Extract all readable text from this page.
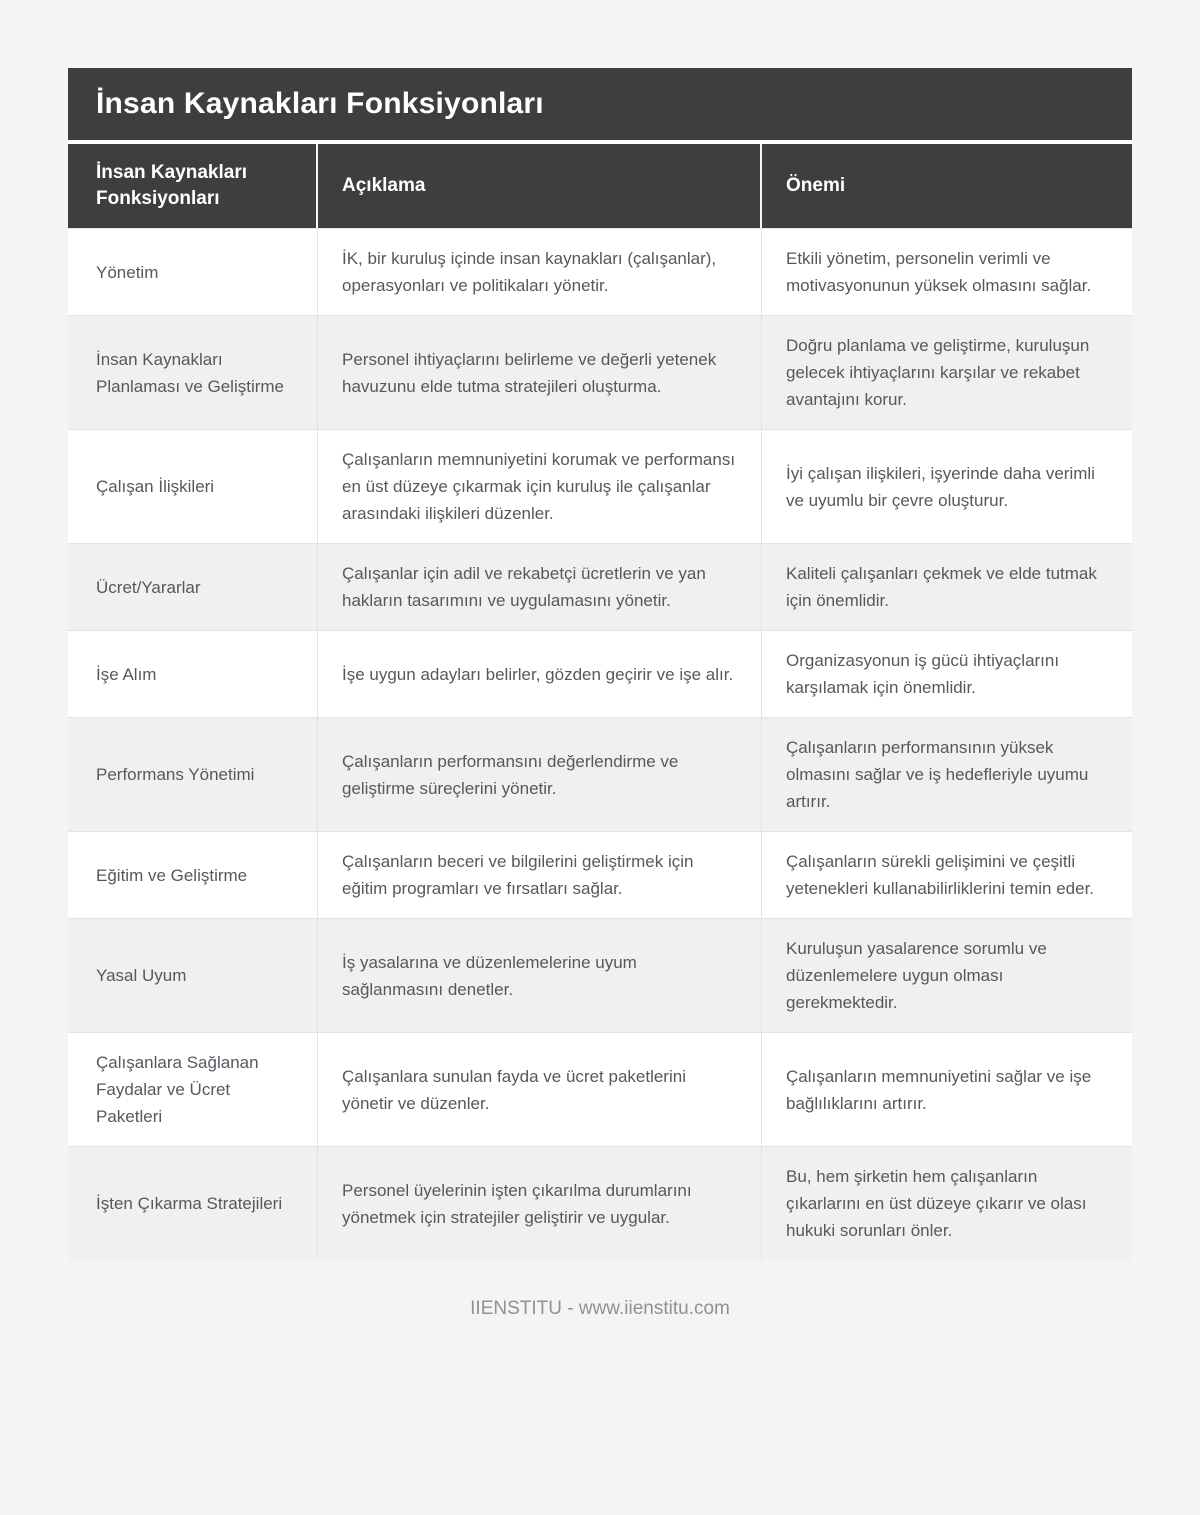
İnsan Kaynakları Fonksiyonları
İnsan Kaynakları Fonksiyonları
Açıklama	Önemi
Yönetim
İK, bir kuruluş içinde insan kaynakları (çalışanlar), operasyonları ve politikaları yönetir.
Etkili yönetim, personelin verimli ve motivasyonunun yüksek olmasını sağlar.
İnsan Kaynakları Planlaması ve Geliştirme
Personel ihtiyaçlarını belirleme ve değerli yetenek havuzunu elde tutma stratejileri oluşturma.
Doğru planlama ve geliştirme, kuruluşun gelecek ihtiyaçlarını karşılar ve rekabet avantajını korur.
Çalışan İlişkileri
Çalışanların memnuniyetini korumak ve performansı en üst düzeye çıkarmak için kuruluş ile çalışanlar arasındaki ilişkileri düzenler.
İyi çalışan ilişkileri, işyerinde daha verimli ve uyumlu bir çevre oluşturur.
Ücret/Yararlar
Çalışanlar için adil ve rekabetçi ücretlerin ve yan hakların tasarımını ve uygulamasını yönetir.
Kaliteli çalışanları çekmek ve elde tutmak için önemlidir.
İşe Alım	İşe uygun adayları belirler, gözden geçirir ve işe alır.
Organizasyonun iş gücü ihtiyaçlarını karşılamak için önemlidir.
Performans Yönetimi
Çalışanların performansını değerlendirme ve geliştirme süreçlerini yönetir.
Çalışanların performansının yüksek olmasını sağlar ve iş hedefleriyle uyumu artırır.
Eğitim ve Geliştirme
Çalışanların beceri ve bilgilerini geliştirmek için eğitim programları ve fırsatları sağlar.
Çalışanların sürekli gelişimini ve çeşitli yetenekleri kullanabilirliklerini temin eder.
Yasal Uyum
İş yasalarına ve düzenlemelerine uyum sağlanmasını denetler.
Kuruluşun yasalarence sorumlu ve düzenlemelere uygun olması gerekmektedir.
Çalışanlara Sağlanan Faydalar ve Ücret Paketleri
Çalışanlara sunulan fayda ve ücret paketlerini yönetir ve düzenler.
Çalışanların memnuniyetini sağlar ve işe bağlılıklarını artırır.
İşten Çıkarma Stratejileri
Personel üyelerinin işten çıkarılma durumlarını yönetmek için stratejiler geliştirir ve uygular.
Bu, hem şirketin hem çalışanların çıkarlarını en üst düzeye çıkarır ve olası hukuki sorunları önler.
IIENSTITU - www.iienstitu.com
